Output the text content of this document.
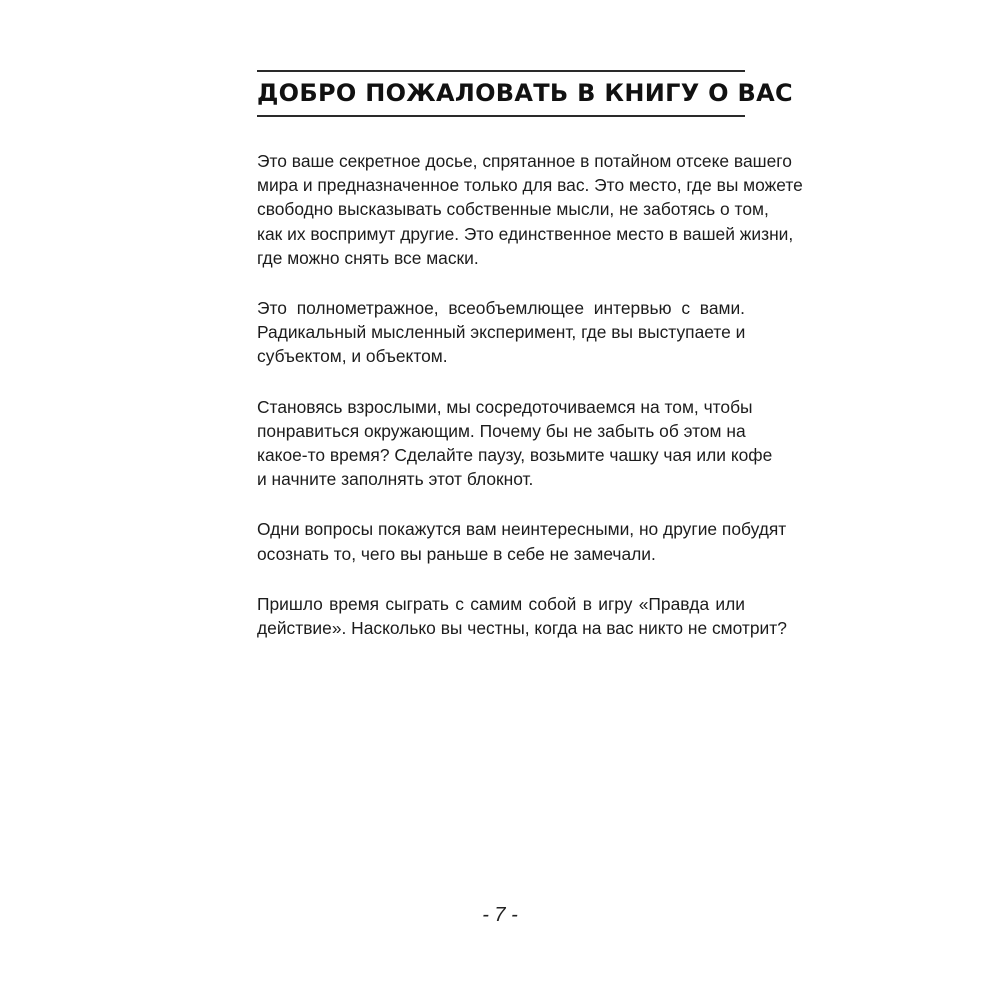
ДОБРО ПОЖАЛОВАТЬ В КНИГУ О ВАС

Это ваше секретное досье, спрятанное в потайном отсеке вашего
мира и предназначенное только для вас. Это место, где вы можете
свободно высказывать собственные мысли, не заботясь о том,
как их воспримут другие. Это единственное место в вашей жизни,
где можно снять все маски.

Это полнометражное, всеобъемлющее интервью с вами.
Радикальный мысленный эксперимент, где вы выступаете и
субъектом, и объектом.

Становясь взрослыми, мы сосредоточиваемся на том, чтобы
понравиться окружающим. Почему бы не забыть об этом на
какое-то время? Сделайте паузу, возьмите чашку чая или кофе
и начните заполнять этот блокнот.

Одни вопросы покажутся вам неинтересными, но другие побудят
осознать то, чего вы раньше в себе не замечали.

Пришло время сыграть с самим собой в игру «Правда или
действие». Насколько вы честны, когда на вас никто не смотрит?

- 7 -
